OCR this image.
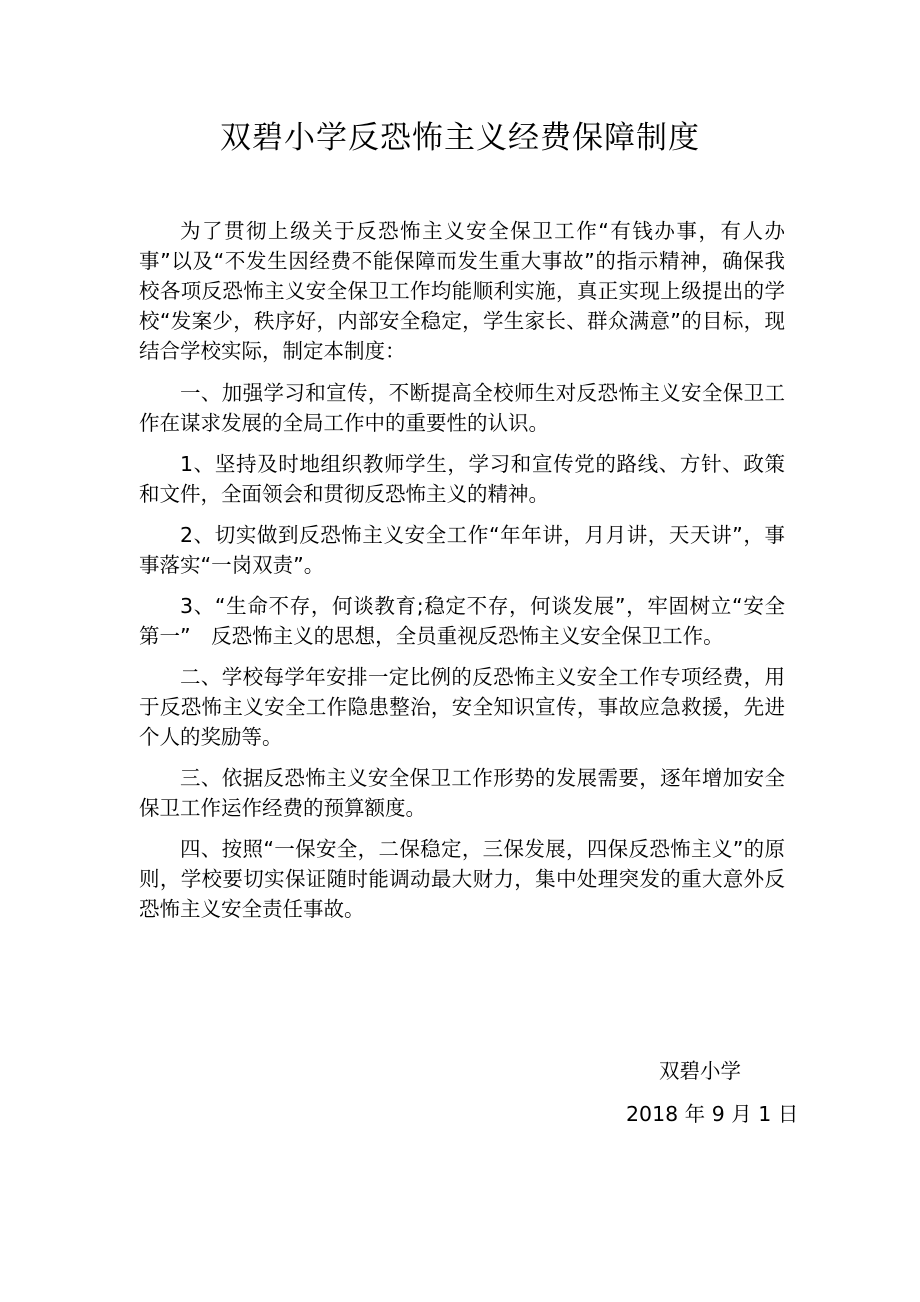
双碧小学反恐怖主义经费保障制度

为了贯彻上级关于反恐怖主义安全保卫工作“有钱办事，有人办事”以及“不发生因经费不能保障而发生重大事故”的指示精神，确保我校各项反恐怖主义安全保卫工作均能顺利实施，真正实现上级提出的学校“发案少，秩序好，内部安全稳定，学生家长、群众满意”的目标，现结合学校实际，制定本制度：

一、加强学习和宣传，不断提高全校师生对反恐怖主义安全保卫工作在谋求发展的全局工作中的重要性的认识。

1、坚持及时地组织教师学生，学习和宣传党的路线、方针、政策和文件，全面领会和贯彻反恐怖主义的精神。

2、切实做到反恐怖主义安全工作“年年讲，月月讲，天天讲”，事事落实“一岗双责”。

3、“生命不存，何谈教育;稳定不存，何谈发展”，牢固树立“安全第一”　反恐怖主义的思想，全员重视反恐怖主义安全保卫工作。

二、学校每学年安排一定比例的反恐怖主义安全工作专项经费，用于反恐怖主义安全工作隐患整治，安全知识宣传，事故应急救援，先进个人的奖励等。

三、依据反恐怖主义安全保卫工作形势的发展需要，逐年增加安全保卫工作运作经费的预算额度。

四、按照“一保安全，二保稳定，三保发展，四保反恐怖主义”的原则，学校要切实保证随时能调动最大财力，集中处理突发的重大意外反恐怖主义安全责任事故。

双碧小学
2018 年 9 月 1 日
